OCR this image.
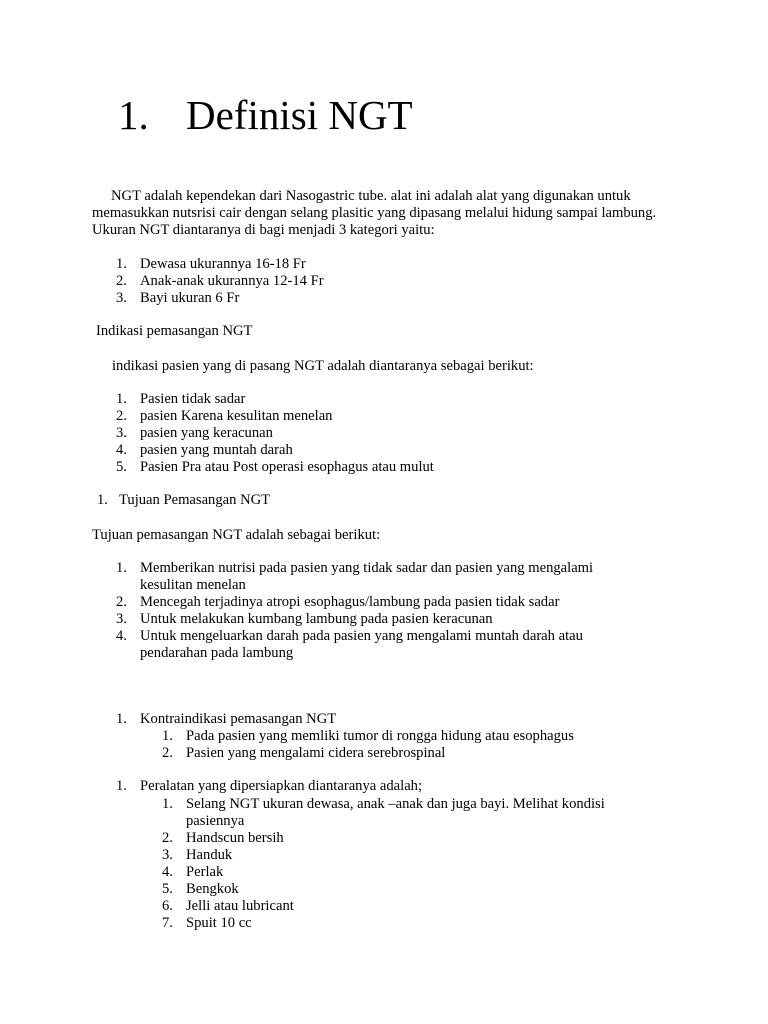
1. Definisi NGT
NGT adalah kependekan dari Nasogastric tube. alat ini adalah alat yang digunakan untuk memasukkan nutsrisi cair dengan selang plasitic yang dipasang melalui hidung sampai lambung. Ukuran NGT diantaranya di bagi menjadi 3 kategori yaitu:
1. Dewasa ukurannya 16-18 Fr
2. Anak-anak ukurannya 12-14 Fr
3. Bayi ukuran 6 Fr
Indikasi pemasangan NGT
indikasi pasien yang di pasang NGT adalah diantaranya sebagai berikut:
1. Pasien tidak sadar
2. pasien Karena kesulitan menelan
3. pasien yang keracunan
4. pasien yang muntah darah
5. Pasien Pra atau Post operasi esophagus atau mulut
1. Tujuan Pemasangan NGT
Tujuan pemasangan NGT adalah sebagai berikut:
1. Memberikan nutrisi pada pasien yang tidak sadar dan pasien yang mengalami kesulitan menelan
2. Mencegah terjadinya atropi esophagus/lambung pada pasien tidak sadar
3. Untuk melakukan kumbang lambung pada pasien keracunan
4. Untuk mengeluarkan darah pada pasien yang mengalami muntah darah atau pendarahan pada lambung
1. Kontraindikasi pemasangan NGT
1. Pada pasien yang memliki tumor di rongga hidung atau esophagus
2. Pasien yang mengalami cidera serebrospinal
1. Peralatan yang dipersiapkan diantaranya adalah;
1. Selang NGT ukuran dewasa, anak –anak dan juga bayi. Melihat kondisi pasiennya
2. Handscun bersih
3. Handuk
4. Perlak
5. Bengkok
6. Jelli atau lubricant
7. Spuit 10 cc
